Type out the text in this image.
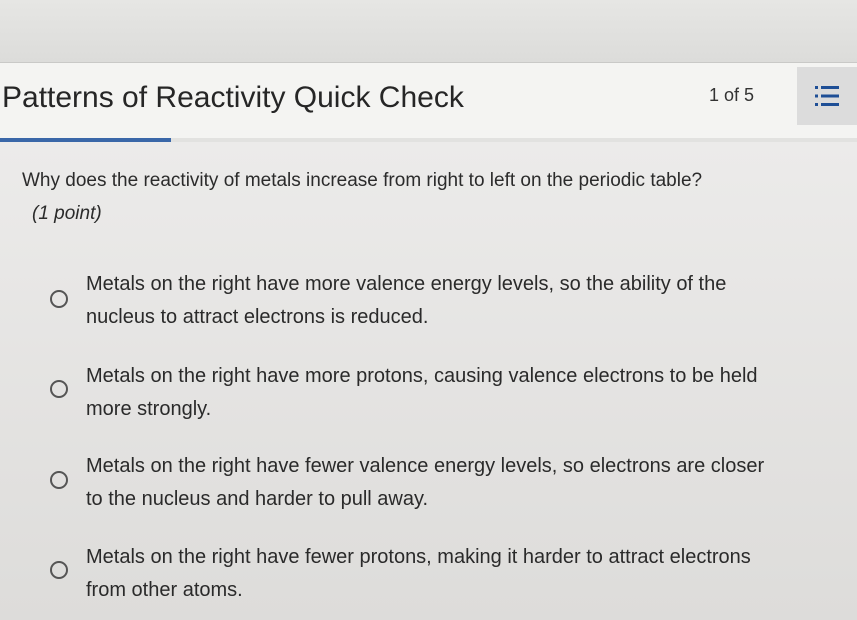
Patterns of Reactivity Quick Check	1 of 5
Why does the reactivity of metals increase from right to left on the periodic table?
(1 point)
Metals on the right have more valence energy levels, so the ability of the nucleus to attract electrons is reduced.
Metals on the right have more protons, causing valence electrons to be held more strongly.
Metals on the right have fewer valence energy levels, so electrons are closer to the nucleus and harder to pull away.
Metals on the right have fewer protons, making it harder to attract electrons from other atoms.
